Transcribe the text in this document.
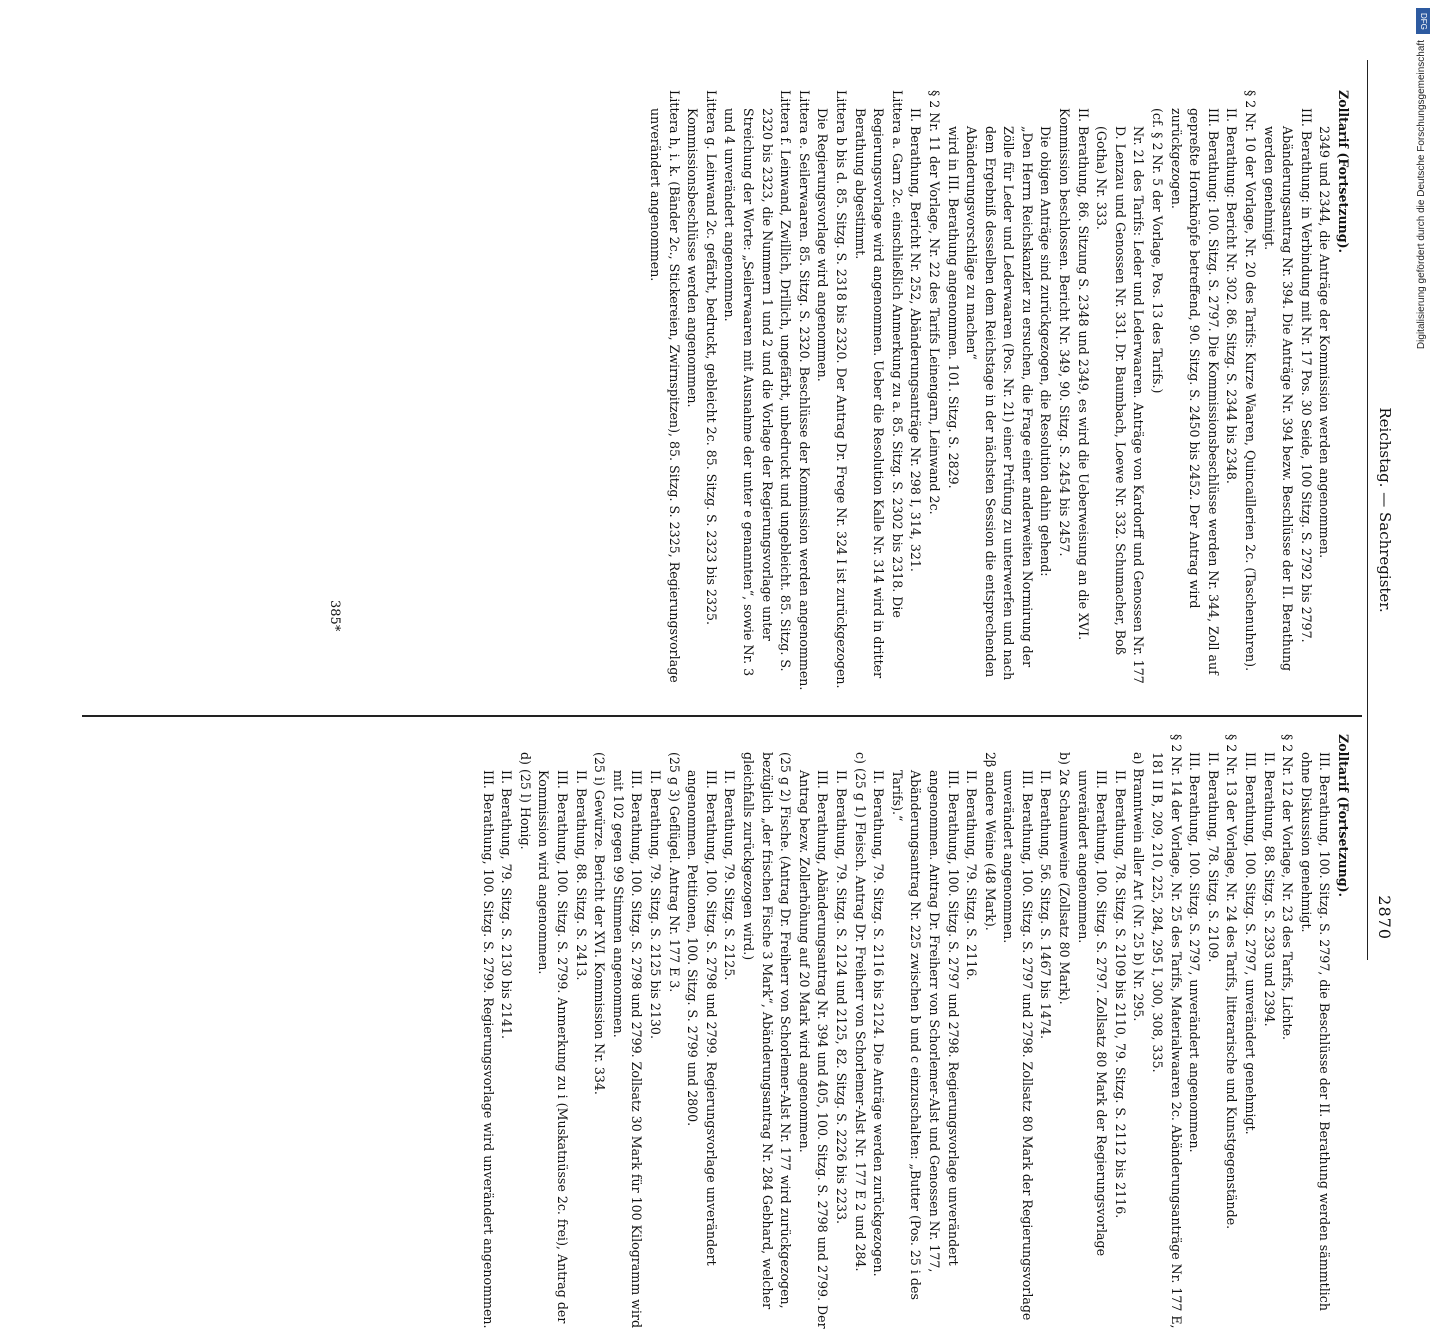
Reichstag. — Sachregister.
2870

Zolltarif (Fortsetzung).

2349 und 2344, die Anträge der Kommission werden angenommen.

III. Berathung: in Verbindung mit Nr. 17 Pos. 30 Seide, 100 Sitzg. S. 2792 bis 2797.

Abänderungsantrag Nr. 394. Die Anträge Nr. 394 bezw. Beschlüsse der II. Berathung werden genehmigt.

§ 2 Nr. 10 der Vorlage, Nr. 20 des Tarifs: Kurze Waaren, Quincaillerien 2c. (Taschenuhren).

II. Berathung: Bericht Nr. 302. 86. Sitzg. S. 2344 bis 2348.

III. Berathung: 100. Sitzg. S. 2797. Die Kommissionsbeschlüsse werden Nr. 344, Zoll auf gepreßte Hornknöpfe betreffend, 90. Sitzg. S. 2450 bis 2452. Der Antrag wird zurückgezogen.

(cf. § 2 Nr. 5 der Vorlage, Pos. 13 des Tarifs.)

Nr. 21 des Tarifs: Leder und Lederwaaren. Anträge von Kardorff und Genossen Nr. 177 D. Lenzau und Genossen Nr. 331. Dr. Baumbach, Loewe Nr. 332. Schumacher, Boß (Gotha) Nr. 333.

II. Berathung, 86. Sitzung S. 2348 und 2349, es wird die Ueberweisung an die XVI. Kommission beschlossen. Bericht Nr. 349, 90. Sitzg. S. 2454 bis 2457.

Die obigen Anträge sind zurückgezogen, die Resolution dahin gehend:

„Den Herrn Reichskanzler zu ersuchen, die Frage einer anderweiten Normirung der Zölle für Leder und Lederwaaren (Pos. Nr. 21) einer Prüfung zu unterwerfen und nach dem Ergebniß desselben dem Reichstage in der nächsten Session die entsprechenden Abänderungsvorschläge zu machen“

wird in III. Berathung angenommen. 101. Sitzg. S. 2829.

§ 2 Nr. 11 der Vorlage, Nr. 22 des Tarifs Leinengarn, Leinwand 2c.

II. Berathung, Bericht Nr. 252, Abänderungsanträge Nr. 298 I, 314, 321.

Littera a. Garn 2c. einschließlich Anmerkung zu a. 85. Sitzg. S. 2302 bis 2318. Die Regierungsvorlage wird angenommen. Ueber die Resolution Kalle Nr. 314 wird in dritter Berathung abgestimmt.

Littera b bis d. 85. Sitzg. S. 2318 bis 2320. Der Antrag Dr. Frege Nr. 324 I ist zurückgezogen. Die Regierungsvorlage wird angenommen.

Littera e. Seilerwaaren. 85. Sitzg. S. 2320. Beschlüsse der Kommission werden angenommen.

Littera f. Leinwand, Zwillich, Drillich, ungefärbt, unbedruckt und ungebleicht. 85. Sitzg. S. 2320 bis 2323, die Nummern 1 und 2 und die Vorlage der Regierungsvorlage unter Streichung der Worte: „Seilerwaaren mit Ausnahme der unter e genannten“, sowie Nr. 3 und 4 unverändert angenommen.

Littera g. Leinwand 2c. gefärbt, bedruckt, gebleicht 2c. 85. Sitzg. S. 2323 bis 2325. Kommissionsbeschlüsse werden angenommen.

Littera h, i. k. (Bänder 2c., Stickereien, Zwirnspitzen), 85. Sitzg. S. 2325, Regierungsvorlage unverändert angenommen.

Zolltarif (Fortsetzung).

III. Berathung, 100. Sitzg. S. 2797, die Beschlüsse der II. Berathung werden sämmtlich ohne Diskussion genehmigt.

§ 2 Nr. 12 der Vorlage, Nr. 23 des Tarifs, Lichte.

II. Berathung, 88. Sitzg. S. 2393 und 2394.

III. Berathung, 100. Sitzg. S. 2797, unverändert genehmigt.

§ 2 Nr. 13 der Vorlage, Nr. 24 des Tarifs, litterarische und Kunstgegenstände.

II. Berathung, 78. Sitzg. S. 2109.

III. Berathung, 100. Sitzg. S. 2797, unverändert angenommen.

§ 2 Nr. 14 der Vorlage, Nr. 25 des Tarifs, Materialwaaren 2c. Abänderungsanträge Nr. 177 E, 181 II B, 209, 210, 225, 284, 295 I, 300, 308, 335.

a) Branntwein aller Art (Nr. 25 b) Nr. 295.

II. Berathung, 78. Sitzg. S. 2109 bis 2110, 79. Sitzg. S. 2112 bis 2116.

III. Berathung, 100. Sitzg. S. 2797. Zollsatz 80 Mark der Regierungsvorlage unverändert angenommen.

b) 2α Schaumweine (Zollsatz 80 Mark).

II. Berathung, 56. Sitzg. S. 1467 bis 1474.

III. Berathung, 100. Sitzg. S. 2797 und 2798. Zollsatz 80 Mark der Regierungsvorlage unverändert angenommen.

2β andere Weine (48 Mark).

II. Berathung, 79. Sitzg. S. 2116.

III. Berathung, 100. Sitzg. S. 2797 und 2798. Regierungsvorlage unverändert angenommen. Antrag Dr. Freiherr von Schorlemer-Alst und Genossen Nr. 177, Abänderungsantrag Nr. 225 zwischen b und c einzuschalten: „Butter (Pos. 25 i des Tarifs).“

II. Berathung, 79. Sitzg. S. 2116 bis 2124. Die Anträge werden zurückgezogen.

c) (25 g 1) Fleisch. Antrag Dr. Freiherr von Schorlemer-Alst Nr. 177 E 2 und 284.

II. Berathung, 79. Sitzg. S. 2124 und 2125, 82. Sitzg. S. 2226 bis 2233.

III. Berathung, Abänderungsantrag Nr. 394 und 405, 100. Sitzg. S. 2798 und 2799. Der Antrag bezw. Zollerhöhung auf 20 Mark wird angenommen.

(25 g 2) Fische. (Antrag Dr. Freiherr von Schorlemer-Alst Nr. 177 wird zurückgezogen, bezüglich „der frischen Fische 3 Mark“, Abänderungsantrag Nr. 284 Gebhard, welcher gleichfalls zurückgezogen wird.)

II. Berathung, 79. Sitzg. S. 2125.

III. Berathung, 100. Sitzg. S. 2798 und 2799. Regierungsvorlage unverändert angenommen. Petitionen, 100. Sitzg. S. 2799 und 2800.

(25 g 3) Geflügel. Antrag Nr. 177 E 3.

II. Berathung, 79. Sitzg. S. 2125 bis 2130.

III. Berathung, 100. Sitzg. S. 2798 und 2799. Zollsatz 30 Mark für 100 Kilogramm wird mit 102 gegen 99 Stimmen angenommen.

(25 i) Gewürze. Bericht der XVI. Kommission Nr. 334.

II. Berathung, 88. Sitzg. S. 2413.

III. Berathung, 100. Sitzg. S. 2799. Anmerkung zu i (Muskatnüsse 2c. frei), Antrag der Kommission wird angenommen.

d) (25 l) Honig.

II. Berathung, 79. Sitzg. S. 2130 bis 2141.

III. Berathung, 100. Sitzg. S. 2799. Regierungsvorlage wird unverändert angenommen.

385*
DFG
Digitalisierung gefördert durch die Deutsche Forschungsgemeinschaft
